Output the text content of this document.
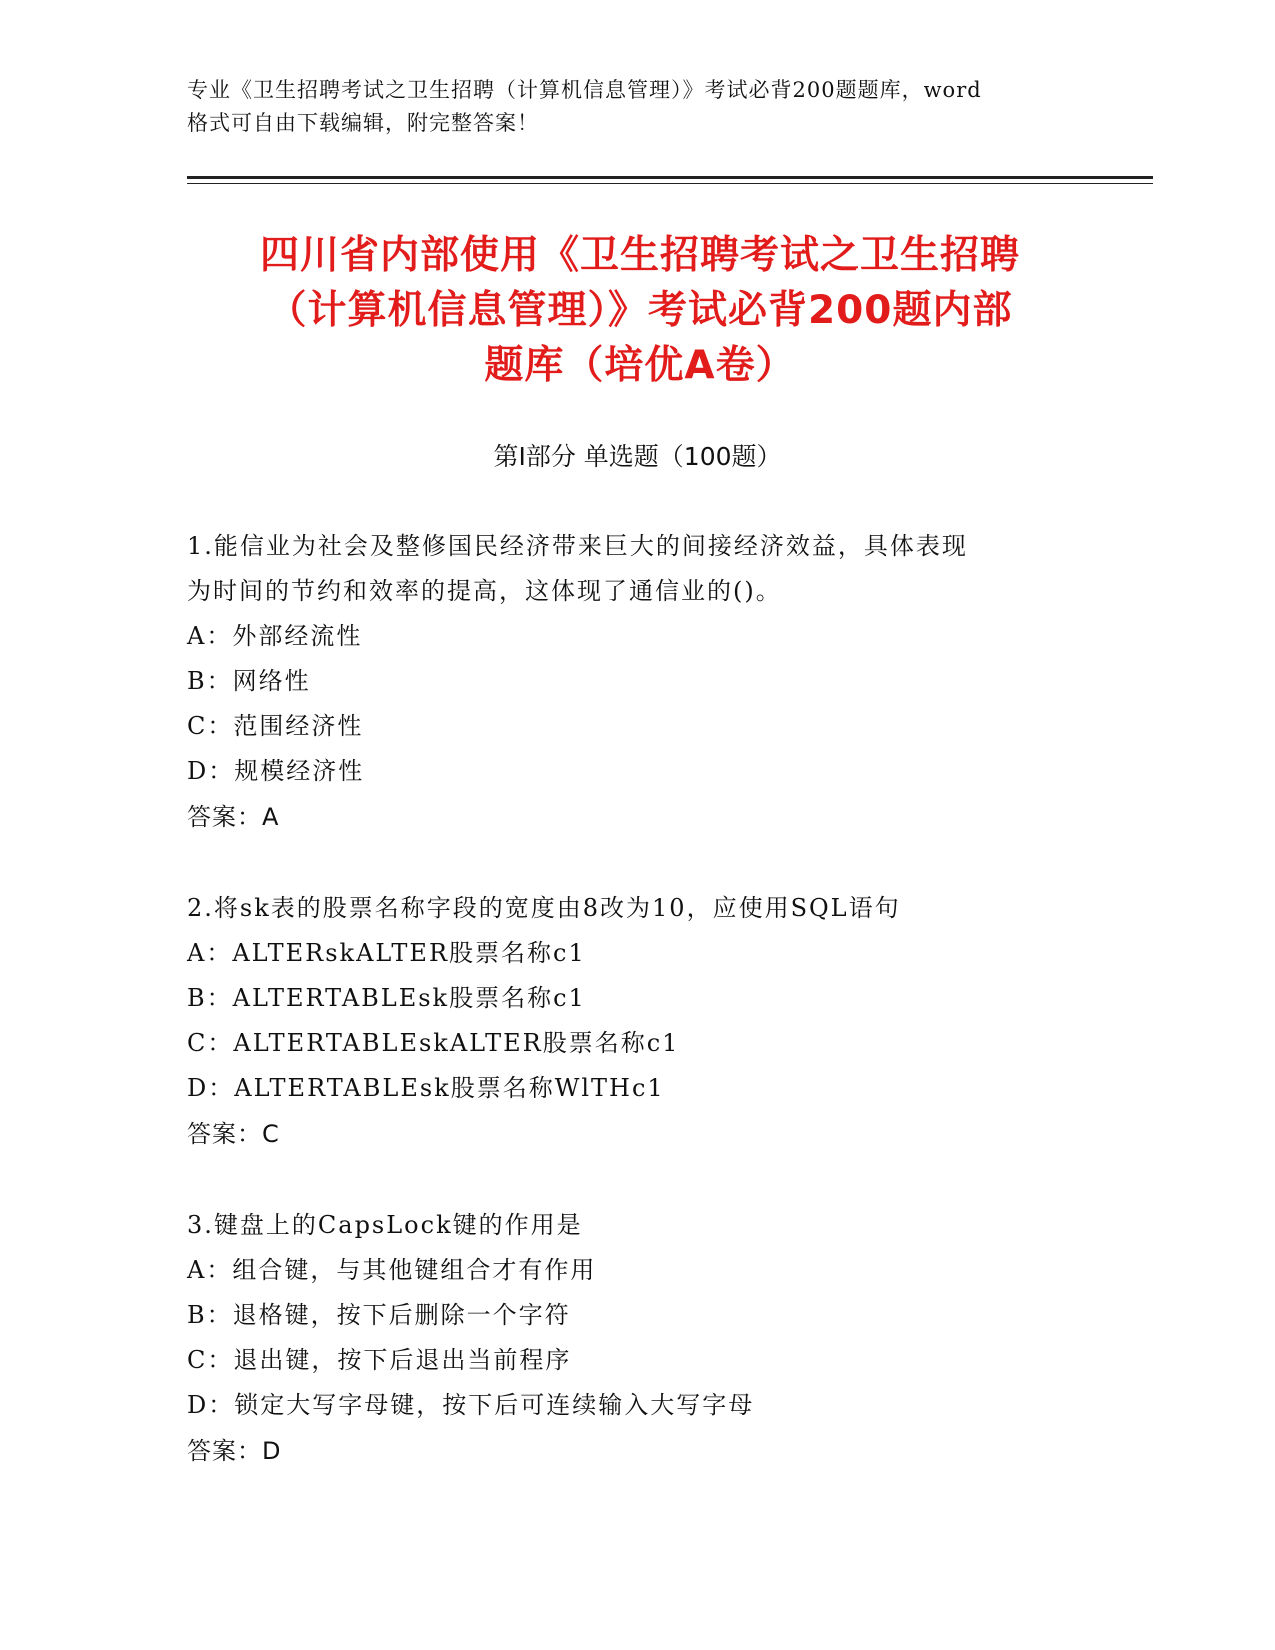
专业《卫生招聘考试之卫生招聘（计算机信息管理）》考试必背200题题库，word
格式可自由下载编辑，附完整答案！
四川省内部使用《卫生招聘考试之卫生招聘
（计算机信息管理）》考试必背200题内部
题库（培优A卷）
第I部分 单选题（100题）
1.能信业为社会及整修国民经济带来巨大的间接经济效益，具体表现
为时间的节约和效率的提高，这体现了通信业的()。
A：外部经流性
B：网络性
C：范围经济性
D：规模经济性
答案：A
2.将sk表的股票名称字段的宽度由8改为10，应使用SQL语句
A：ALTERskALTER股票名称c1
B：ALTERTABLEsk股票名称c1
C：ALTERTABLEskALTER股票名称c1
D：ALTERTABLEsk股票名称WlTHc1
答案：C
3.键盘上的CapsLock键的作用是
A：组合键，与其他键组合才有作用
B：退格键，按下后删除一个字符
C：退出键，按下后退出当前程序
D：锁定大写字母键，按下后可连续输入大写字母
答案：D
